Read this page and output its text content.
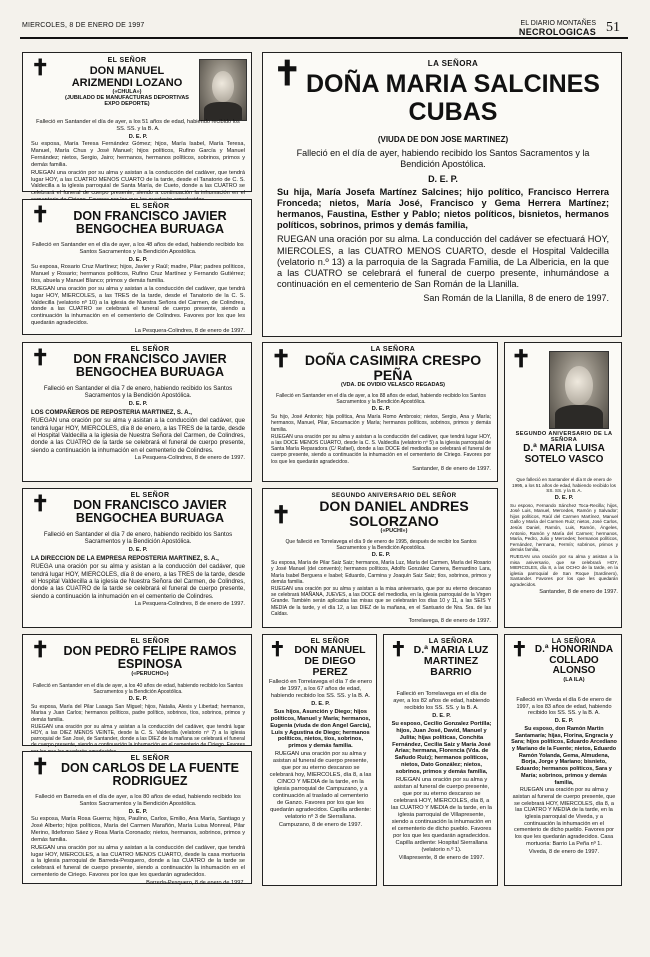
MIERCOLES, 8 DE ENERO DE 1997	EL DIARIO MONTAÑES
NECROLOGICAS 51
✝	EL SEÑOR
DON MANUEL ARIZMENDI LOZANO
(«CHULA»)
(JUBILADO DE MANUFACTURAS DEPORTIVAS EXPO DEPORTE)

Falleció en Santander el día de ayer, a los 51 años de edad, habiendo recibido los SS. SS. y la B. A.

D. E. P.

Su esposa, María Teresa Fernández Gómez; hijos, María Isabel, María Teresa, Manuel, María Chus y José Manuel; hijos políticos, Rufino García y Manuel Fernández; nietos, Sergio, Jairo; hermanos, hermanos políticos, sobrinos, primos y demás familia.

RUEGAN una oración por su alma y asistan a la conducción del cadáver, que tendrá lugar HOY, a las CUATRO MENOS CUARTO de la tarde, desde el Tanatorio de C. S. Valdecilla a la iglesia parroquial de Santa María, de Cueto, donde a las CUATRO se celebrará el funeral de cuerpo presente, siendo a continuación la inhumación en el

✝	EL SEÑOR
DON FRANCISCO JAVIER BENGOCHEA BURUAGA

Falleció en Santander en el día de ayer, a los 48 años de edad, habiendo recibido los Santos Sacramentos y la Bendición Apostólica.

D. E. P.

Su esposa, Rosario Cruz Martínez; hijos, Javier y Raúl; madre, Pilar; padres políticos, Manuel y Rosario; hermanos políticos, Rufino Cruz Martínez y Fernando Gutiérrez; tíos, abuela y Manuel Blanco; primos y demás familia.

RUEGAN una oración por su alma y asistan a la conducción del cadáver, que tendrá lugar HOY, MIERCOLES, a las TRES de la tarde, desde el Tanatorio de la C. S. Valdecilla (velatorio nº 10) a la iglesia de Nuestra Señora del Carmen, de Colindres, donde a las CUATRO se celebrará el funeral de cuerpo presente, siendo a continuación la inhumación en el cementerio de Colindres. Favores por los que les quedarán agradecidos.

La Pesquera-Colindres, 8 de enero de 1997.
✝	EL SEÑOR
DON FRANCISCO JAVIER BENGOCHEA BURUAGA

Falleció en Santander el día 7 de enero, habiendo recibido los Santos Sacramentos y la Bendición Apostólica.

D. E. P.

LOS COMPAÑEROS DE REPOSTERIA MARTINEZ, S. A.,

RUEGAN una oración por su alma y asistan a la conducción del cadáver, que tendrá lugar HOY, MIERCOLES, día 8 de enero, a las TRES de la tarde, desde el Hospital Valdecilla a la iglesia de Nuestra Señora del Carmen, de Colindres, donde a las CUATRO de la tarde se celebrará el funeral de cuerpo presente, siendo a continuación la inhumación en el cementerio de Colindres.

La Pesquera-Colindres, 8 de enero de 1997.
✝	EL SEÑOR
DON FRANCISCO JAVIER BENGOCHEA BURUAGA

Falleció en Santander el día 7 de enero, habiendo recibido los Santos Sacramentos y la Bendición Apostólica.

D. E. P.

LA DIRECCION DE LA EMPRESA REPOSTERIA MARTINEZ, S. A.,

RUEGA una oración por su alma y asistan a la conducción del cadáver, que tendrá lugar HOY, MIERCOLES, día 8 de enero, a las TRES de la tarde, desde el Hospital Valdecilla a la iglesia de Nuestra Señora del Carmen, de Colindres, donde a las CUATRO de la tarde se celebrará el funeral de cuerpo presente, siendo a continuación la inhumación en el cementerio de Colindres.

La Pesquera-Colindres, 8 de enero de 1997.
✝	EL SEÑOR
DON PEDRO FELIPE RAMOS ESPINOSA
(«PERUCHO»)

Falleció en Santander en el día de ayer, a los 40 años de edad, habiendo recibido los Santos Sacramentos y la Bendición Apostólica.

D. E. P.

Su esposa, María del Pilar Lasaga San Miguel; hijos, Natalia, Alexis y Libertad; hermanos, Marisa y Juan Carlos; hermanos políticos, padre político, sobrinos, tíos, sobrinos, primos y demás familia.

RUEGAN una oración por su alma y asistan a la conducción del cadáver, que tendrá lugar HOY, a las DIEZ MENOS VEINTE, desde la C. S. Valdecilla (velatorio nº 7) a la iglesia parroquial de San José, de Santander, donde a las DIEZ de la mañana se celebrará el funeral de cuerpo presente, siendo a continuación la inhumación en el cementerio de Ciriego. Favores

✝	EL SEÑOR
DON CARLOS DE LA FUENTE RODRIGUEZ

Falleció en Barreda en el día de ayer, a los 80 años de edad, habiendo recibido los Santos Sacramentos y la Bendición Apostólica.

D. E. P.

Su esposa, María Rosa Guerra; hijos, Paulino, Carlos, Emilio, Ana María, Santiago y José Alberto; hijos políticos, María del Carmen Marañón, María Luisa Monreal, Pilar Merino, Ildefonso Sáez y Rosa María Coronado; nietos, hermanos, sobrinos, primos y demás familia.

RUEGAN una oración por su alma y asistan a la conducción del cadáver, que tendrá lugar HOY, MIERCOLES, a las CUATRO MENOS CUARTO, desde la casa mortuoria a la iglesia parroquial de Barreda-Pesquero, donde a las CUATRO de la tarde se celebrará el funeral de cuerpo presente, siendo a continuación la inhumación en el cementerio de Ciriego. Favores por los que les quedarán agradecidos.

Barreda-Pesquero, 8 de enero de 1997.
✝	LA SEÑORA
DOÑA MARIA SALCINES CUBAS
(VIUDA DE DON JOSE MARTINEZ)

Falleció en el día de ayer, habiendo recibido los Santos Sacramentos y la Bendición Apostólica.

D. E. P.

Su hija, María Josefa Martínez Salcines; hijo político, Francisco Herrera Fronceda; nietos, María José, Francisco y Gema Herrera Martínez; hermanos, Faustina, Esther y Pablo; nietos políticos, bisnietos, hermanos políticos, sobrinos, primos y demás familia,

RUEGAN una oración por su alma. La conducción del cadáver se efectuará HOY, MIERCOLES, a las CUATRO MENOS CUARTO, desde el Hospital Valdecilla (velatorio n.º 13) a la parroquia de la Sagrada Familia, de La Albericia, en la que a las CUATRO se celebrará el funeral de cuerpo presente, inhumándose a continuación en el cementerio de San Román de la Llanilla.

San Román de la Llanilla, 8 de enero de 1997.
✝	LA SEÑORA
DOÑA CASIMIRA CRESPO PEÑA
(VDA. DE OVIDIO VELASCO REGADAS)

Falleció en Santander en el día de ayer, a los 88 años de edad, habiendo recibido los Santos Sacramentos y la Bendición Apostólica.

D. E. P.

Su hijo, José Antonio; hija política, Ana María Romo Ambrosio; nietos, Sergio, Ana y María; hermanos, Manuel, Pilar, Encarnación y María; hermanos políticos, sobrinos, primos y demás familia.

RUEGAN una oración por su alma y asistan a la conducción del cadáver, que tendrá lugar HOY, a las DOCE MENOS CUARTO, desde la C. S. Valdecilla (velatorio nº 5) a la iglesia parroquial de Santa María Reparadora (C/ Rafael), donde a las DOCE del mediodía se celebrará el funeral de cuerpo presente, siendo a continuación la inhumación en el cementerio de Ciriego. Favores por los que les quedarán agradecidos.

Santander, 8 de enero de 1997.
✝
SEGUNDO ANIVERSARIO DEL SEÑOR
DON DANIEL ANDRES SOLORZANO
(«PUCHI»)

Que falleció en Torrelavega el día 9 de enero de 1995, después de recibir los Santos Sacramentos y la Bendición Apostólica.

D. E. P.

Su esposa, María de Pilar Saiz Saiz; hermanos, María Luz, María del Carmen, María del Rosario y José Manuel (del convento); hermanos políticos, Adolfo González Carrera, Bernardino Lara, María Isabel Berguera e Isabel; Eduardo, Carmina y Joaquín Saiz Saiz; tíos, sobrinos, primos y demás familia.

RUEGAN una oración por su alma y asistan a la misa aniversario, que por su eterno descanso se celebrará MAÑANA, JUEVES, a las DOCE del mediodía, en la iglesia parroquial de la Virgen Grande. También serán aplicadas las misas que se celebrarán los días 10 y 11, a las SEIS Y MEDIA de la tarde, y el día 12, a las DIEZ de la mañana, en el Santuario de Nra. Sra. de las Caldas.

Torrelavega, 8 de enero de 1997.
✝
SEGUNDO ANIVERSARIO DE LA SEÑORA
D.ª MARIA LUISA SOTELO VASCO

Que falleció en Santander el día 8 de enero de 1995, a los 51 años de edad, habiendo recibido los SS. SS. y la B. A.

D. E. P.

Su esposo, Fernando Sánchez Toca-Recilla; hijos, José Luis, Manuel, Mercedes, Ramón y Salvador; hijos políticos, Raúl del Carmen Martínez, Manuel Gallo y María del Carmen Ruiz; nietos, José Carlos, Jesús Daniel, Ramón, Luis, Ramón, Ángeles, Antonio, Ramón y María del Carmen; hermanos, María, Pedro, Julio y Mercedes; hermanos políticos, Fernández, hermana, Fermín; sobrinos, primos y demás familia,

RUEGAN una oración por su alma y asistan a la misa aniversario, que se celebrará HOY, MIERCOLES, día 8, a las OCHO de la tarde, en la iglesia parroquial de San Roque (Sardinero), Santander. Favores por los que les quedarán agradecidos.

Santander, 8 de enero de 1997.
✝	EL SEÑOR
DON MANUEL DE DIEGO PEREZ

Falleció en Torrelavega el día 7 de enero de 1997, a los 67 años de edad, habiendo recibido los SS. SS. y la B. A.

D. E. P.

Sus hijos, Asunción y Diego; hijos políticos, Manuel y María; hermanos, Eugenia (viuda de don Angel García), Luis y Agustina de Diego; hermanos políticos, nietos, tíos, sobrinos, primos y demás familia.

RUEGAN una oración por su alma y asistan al funeral de cuerpo presente, que por su eterno descanso se celebrará hoy, MIERCOLES, día 8, a las CINCO Y MEDIA de la tarde, en la iglesia parroquial de Campuzano, y a continuación al traslado al cementerio de Ganzo. Favores por los que les quedarán agradecidos. Capilla ardiente: velatorio nº 3 de Sierrallana.

Campuzano, 8 de enero de 1997.
✝	LA SEÑORA
D.ª MARIA LUZ MARTINEZ BARRIO

Falleció en Torrelavega en el día de ayer, a los 82 años de edad, habiendo recibido los SS. SS. y la B. A.

D. E. P.

Su esposo, Cecilio Gonzalez Portilla; hijos, Juan José, David, Manuel y Julita; hijas políticas, Conchita Fernández, Cecilia Saiz y María José Arias; hermana, Florencia (Vda. de Sañudo Ruiz); hermanos políticos, nietos, Dato González; nietos, sobrinos, primos y demás familia,

RUEGAN una oración por su alma y asistan al funeral de cuerpo presente, que por su eterno descanso se celebrará HOY, MIERCOLES, día 8, a las CUATRO Y MEDIA de la tarde, en la iglesia parroquial de Villapresente, siendo a continuación la inhumación en el cementerio de dicho pueblo. Favores por los que les quedarán agradecidos. Capilla ardiente: Hospital Sierrallana (velatorio n.º 1).

Villapresente, 8 de enero de 1997.
✝	LA SEÑORA
D.ª HONORINDA COLLADO ALONSO
(LA ILA)

Falleció en Viveda el día 6 de enero de 1997, a los 83 años de edad, habiendo recibido los SS. SS. y la B. A.

D. E. P.

Su esposo, don Ramón Martín Santamaría; hijas, Florina, Engracia y Sara; hijos políticos, Eduardo Arcediano y Mariano de la Fuente; nietos, Eduardo Ramón Yolanda, Gema, Almudena, Borja, Jorge y Mariano; bisnieto, Eduardo; hermanos políticos, Sara y María; sobrinos, primos y demás familia,

RUEGAN una oración por su alma y asistan al funeral de cuerpo presente, que se celebrará HOY, MIERCOLES, día 8, a las CUATRO Y MEDIA de la tarde, en la iglesia parroquial de Viveda, y a continuación la inhumación en el cementerio de dicho pueblo. Favores por los que les quedarán agradecidos. Casa mortuoria: Barrio La Peña nº 1.

Viveda, 8 de enero de 1997.
